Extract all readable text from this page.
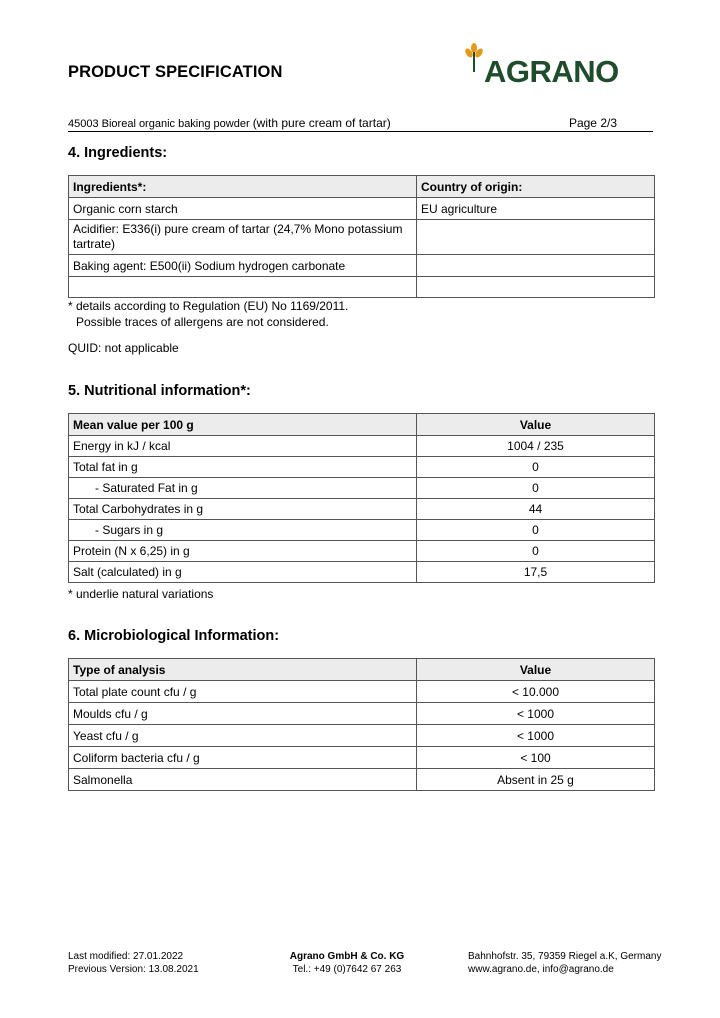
PRODUCT SPECIFICATION	AGRANO
45003 Bioreal organic baking powder (with pure cream of tartar)	Page 2/3
4. Ingredients:
Ingredients*:	Country of origin:
Organic corn starch	EU agriculture
Acidifier: E336(i) pure cream of tartar (24,7% Mono potassium tartrate)	
Baking agent: E500(ii) Sodium hydrogen carbonate	

* details according to Regulation (EU) No 1169/2011.
Possible traces of allergens are not considered.
QUID: not applicable
5. Nutritional information*:
Mean value per 100 g	Value
Energy in kJ / kcal	1004 / 235
Total fat in g	0
- Saturated Fat in g	0
Total Carbohydrates in g	44
- Sugars in g	0
Protein (N x 6,25) in g	0
Salt (calculated) in g	17,5
* underlie natural variations
6. Microbiological Information:
Type of analysis	Value
Total plate count cfu / g	< 10.000
Moulds cfu / g	< 1000
Yeast cfu / g	< 1000
Coliform bacteria cfu / g	< 100
Salmonella	Absent in 25 g
Last modified: 27.01.2022
Previous Version: 13.08.2021
Agrano GmbH & Co. KG
Tel.: +49 (0)7642 67 263
Bahnhofstr. 35, 79359 Riegel a.K, Germany
www.agrano.de, info@agrano.de
